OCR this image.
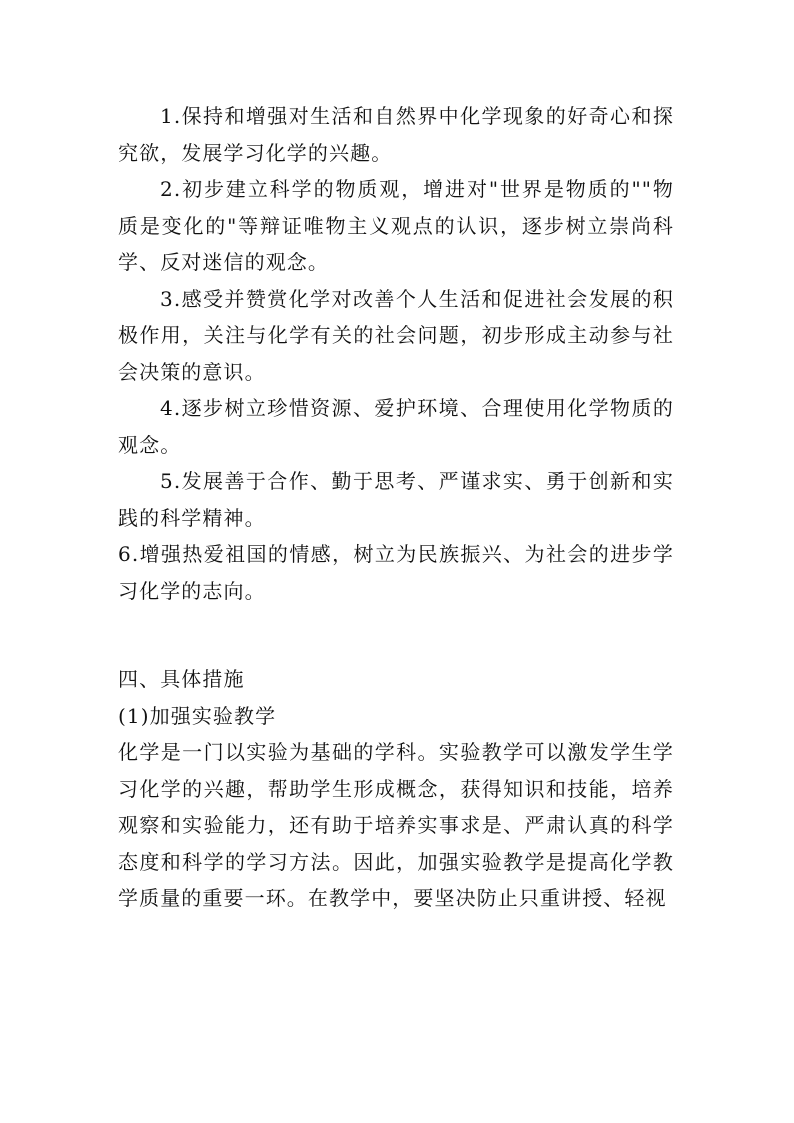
1.保持和增强对生活和自然界中化学现象的好奇心和探究欲，发展学习化学的兴趣。

2.初步建立科学的物质观，增进对"世界是物质的""物质是变化的"等辩证唯物主义观点的认识，逐步树立崇尚科学、反对迷信的观念。

3.感受并赞赏化学对改善个人生活和促进社会发展的积极作用，关注与化学有关的社会问题，初步形成主动参与社会决策的意识。

4.逐步树立珍惜资源、爱护环境、合理使用化学物质的观念。

5.发展善于合作、勤于思考、严谨求实、勇于创新和实践的科学精神。

6.增强热爱祖国的情感，树立为民族振兴、为社会的进步学习化学的志向。

四、具体措施

(1)加强实验教学

化学是一门以实验为基础的学科。实验教学可以激发学生学习化学的兴趣，帮助学生形成概念，获得知识和技能，培养观察和实验能力，还有助于培养实事求是、严肃认真的科学态度和科学的学习方法。因此，加强实验教学是提高化学教学质量的重要一环。在教学中，要坚决防止只重讲授、轻视
